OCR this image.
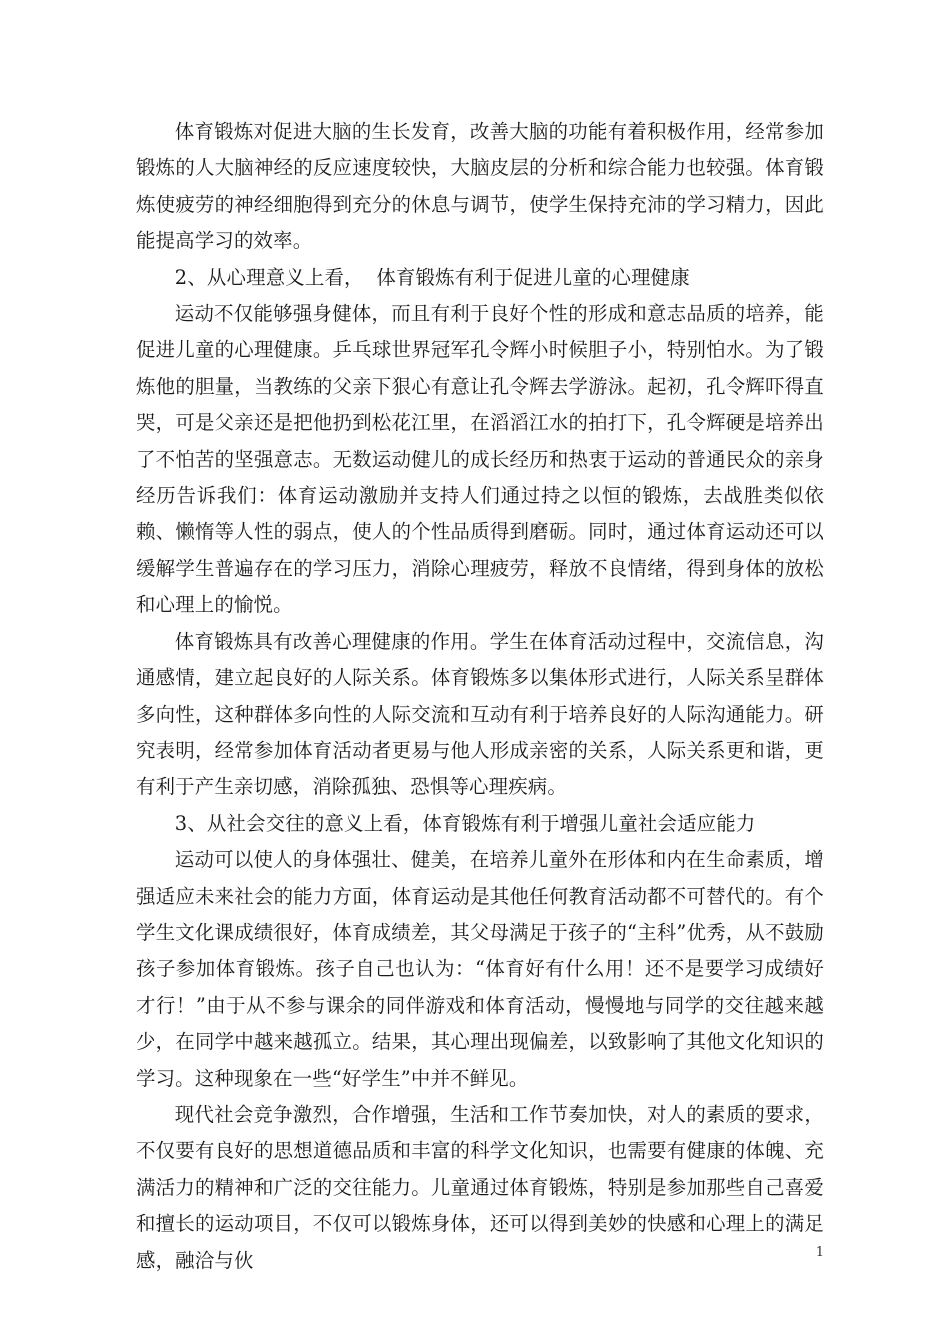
体育锻炼对促进大脑的生长发育，改善大脑的功能有着积极作用，经常参加锻炼的人大脑神经的反应速度较快，大脑皮层的分析和综合能力也较强。体育锻炼使疲劳的神经细胞得到充分的休息与调节，使学生保持充沛的学习精力，因此能提高学习的效率。

2、从心理意义上看，  体育锻炼有利于促进儿童的心理健康

运动不仅能够强身健体，而且有利于良好个性的形成和意志品质的培养，能促进儿童的心理健康。乒乓球世界冠军孔令辉小时候胆子小，特别怕水。为了锻炼他的胆量，当教练的父亲下狠心有意让孔令辉去学游泳。起初，孔令辉吓得直哭，可是父亲还是把他扔到松花江里，在滔滔江水的拍打下，孔令辉硬是培养出了不怕苦的坚强意志。无数运动健儿的成长经历和热衷于运动的普通民众的亲身经历告诉我们：体育运动激励并支持人们通过持之以恒的锻炼，去战胜类似依赖、懒惰等人性的弱点，使人的个性品质得到磨砺。同时，通过体育运动还可以缓解学生普遍存在的学习压力，消除心理疲劳，释放不良情绪，得到身体的放松和心理上的愉悦。

体育锻炼具有改善心理健康的作用。学生在体育活动过程中，交流信息，沟通感情，建立起良好的人际关系。体育锻炼多以集体形式进行，人际关系呈群体多向性，这种群体多向性的人际交流和互动有利于培养良好的人际沟通能力。研究表明，经常参加体育活动者更易与他人形成亲密的关系，人际关系更和谐，更有利于产生亲切感，消除孤独、恐惧等心理疾病。

3、从社会交往的意义上看，体育锻炼有利于增强儿童社会适应能力

运动可以使人的身体强壮、健美，在培养儿童外在形体和内在生命素质，增强适应未来社会的能力方面，体育运动是其他任何教育活动都不可替代的。有个学生文化课成绩很好，体育成绩差，其父母满足于孩子的“主科”优秀，从不鼓励孩子参加体育锻炼。孩子自己也认为：“体育好有什么用！还不是要学习成绩好才行！”由于从不参与课余的同伴游戏和体育活动，慢慢地与同学的交往越来越少，在同学中越来越孤立。结果，其心理出现偏差，以致影响了其他文化知识的学习。这种现象在一些“好学生”中并不鲜见。

现代社会竞争激烈，合作增强，生活和工作节奏加快，对人的素质的要求，不仅要有良好的思想道德品质和丰富的科学文化知识，也需要有健康的体魄、充满活力的精神和广泛的交往能力。儿童通过体育锻炼，特别是参加那些自己喜爱和擅长的运动项目，不仅可以锻炼身体，还可以得到美妙的快感和心理上的满足感，融洽与伙	1
